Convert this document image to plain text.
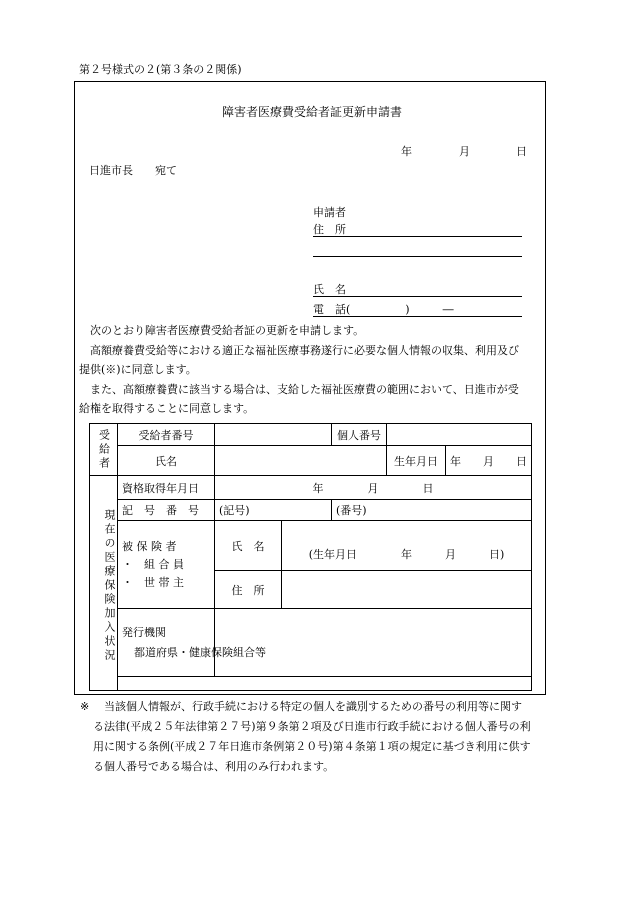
第２号様式の２(第３条の２関係)
障害者医療費受給者証更新申請書
年	月	日
日進市長　　宛て
申請者
住　所
氏　名
電　話(　　　　　)　　　―
次のとおり障害者医療費受給者証の更新を申請します。
高額療養費受給等における適正な福祉医療事務遂行に必要な個人情報の収集、利用及び
提供(※)に同意します。
また、高額療養費に該当する場合は、支給した福祉医療費の範囲において、日進市が受
給権を取得することに同意します。
受給者	受給者番号			個人番号		
	氏名				生年月日	年　　月　　日
現在の医療保険加入状況	資格取得年月日	年　　　　月　　　　日				
	記　号　番　号	(記号)		(番号)		

	被 保 険 者
・　組 合 員
・　世 帯 主	氏　名	(生年月日　　　　年　　　月　　　日)			
		住　所				

	発行機関
都道府県・健康保険組合等					

※ 当該個人情報が、行政手続における特定の個人を識別するための番号の利用等に関す
る法律(平成２５年法律第２７号)第９条第２項及び日進市行政手続における個人番号の利
用に関する条例(平成２７年日進市条例第２０号)第４条第１項の規定に基づき利用に供す
る個人番号である場合は、利用のみ行われます。
